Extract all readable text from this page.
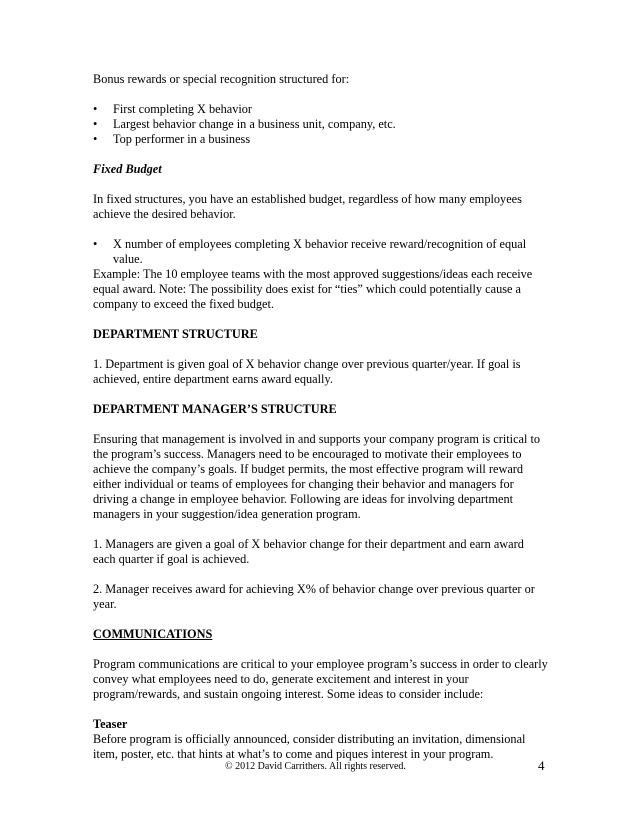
Bonus rewards or special recognition structured for:

•	First completing X behavior
•	Largest behavior change in a business unit, company, etc.
•	Top performer in a business

Fixed Budget

In fixed structures, you have an established budget, regardless of how many employees achieve the desired behavior.

•	X number of employees completing X behavior receive reward/recognition of equal value.

Example: The 10 employee teams with the most approved suggestions/ideas each receive equal award. Note: The possibility does exist for “ties” which could potentially cause a company to exceed the fixed budget.

DEPARTMENT STRUCTURE

1. Department is given goal of X behavior change over previous quarter/year. If goal is achieved, entire department earns award equally.

DEPARTMENT MANAGER’S STRUCTURE

Ensuring that management is involved in and supports your company program is critical to the program’s success. Managers need to be encouraged to motivate their employees to achieve the company’s goals. If budget permits, the most effective program will reward either individual or teams of employees for changing their behavior and managers for driving a change in employee behavior. Following are ideas for involving department managers in your suggestion/idea generation program.

1. Managers are given a goal of X behavior change for their department and earn award each quarter if goal is achieved.

2. Manager receives award for achieving X% of behavior change over previous quarter or year.

COMMUNICATIONS

Program communications are critical to your employee program’s success in order to clearly convey what employees need to do, generate excitement and interest in your program/rewards, and sustain ongoing interest. Some ideas to consider include:

Teaser

Before program is officially announced, consider distributing an invitation, dimensional item, poster, etc. that hints at what’s to come and piques interest in your program.

© 2012 David Carrithers. All rights reserved.	4
